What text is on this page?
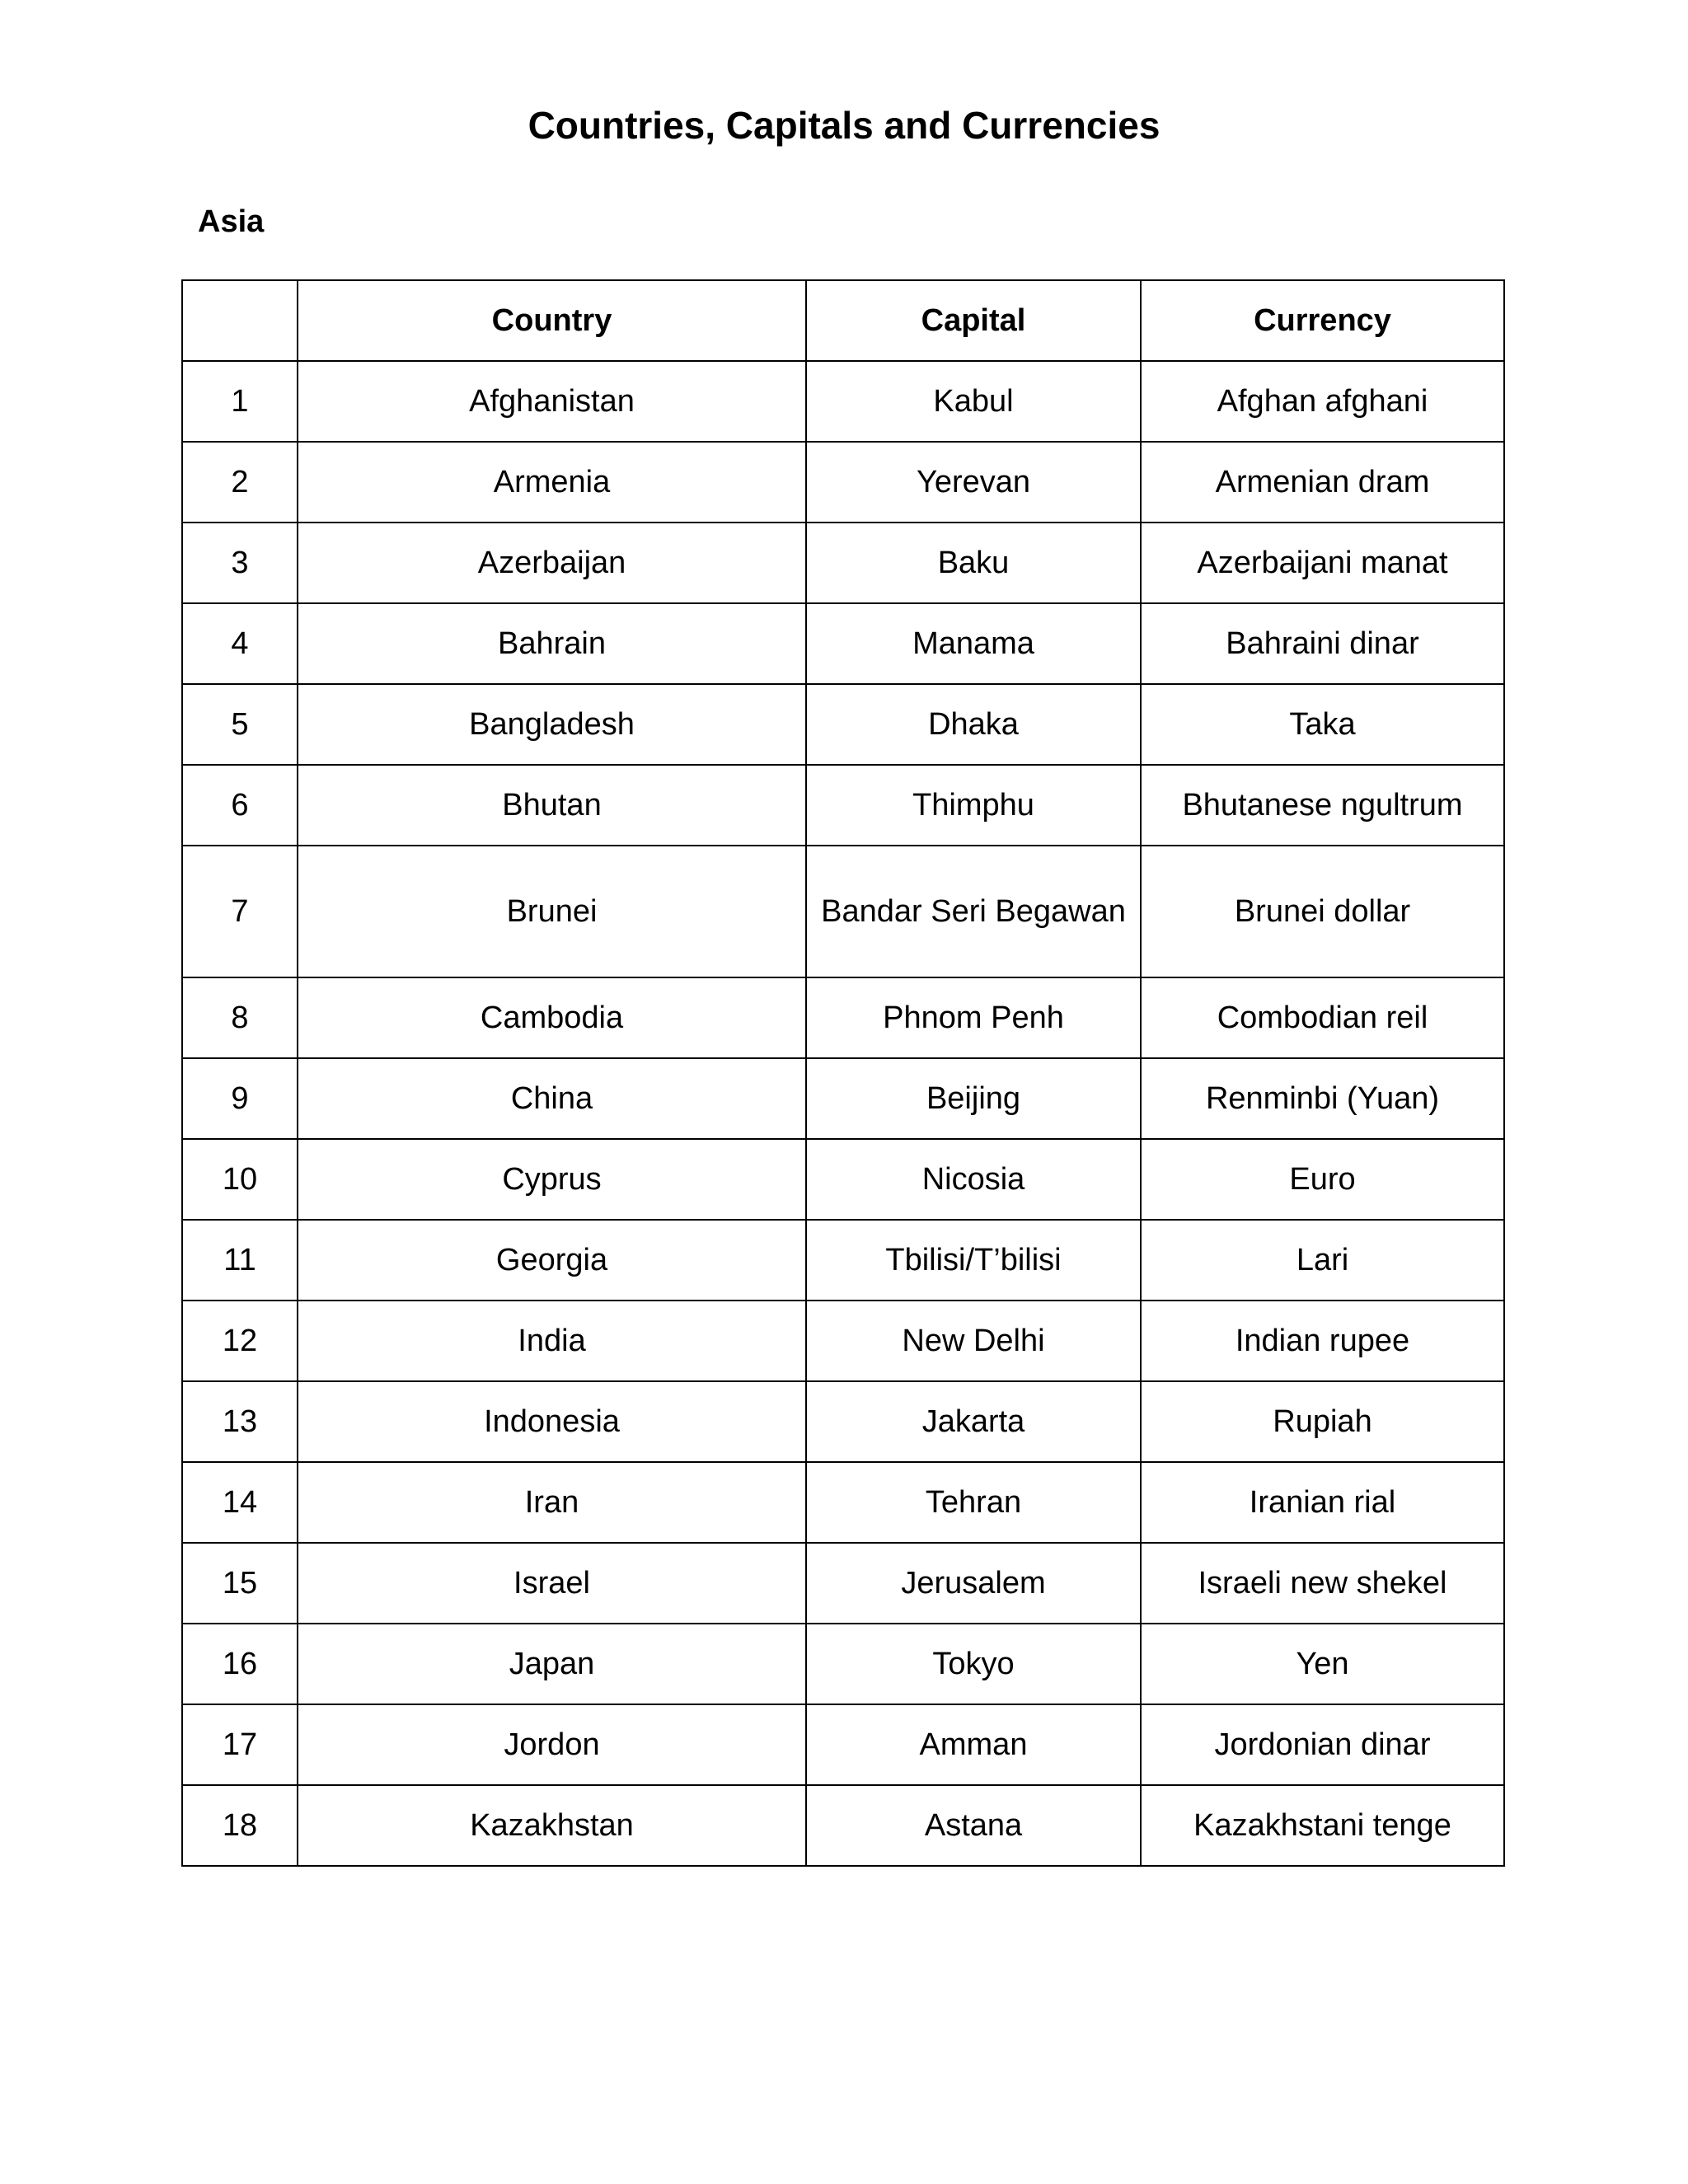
Countries, Capitals and Currencies
Asia
	Country	Capital	Currency
1	Afghanistan	Kabul	Afghan afghani
2	Armenia	Yerevan	Armenian dram
3	Azerbaijan	Baku	Azerbaijani manat
4	Bahrain	Manama	Bahraini dinar
5	Bangladesh	Dhaka	Taka
6	Bhutan	Thimphu	Bhutanese ngultrum
7	Brunei	Bandar Seri Begawan	Brunei dollar
8	Cambodia	Phnom Penh	Combodian reil
9	China	Beijing	Renminbi (Yuan)
10	Cyprus	Nicosia	Euro
11	Georgia	Tbilisi/T’bilisi	Lari
12	India	New Delhi	Indian rupee
13	Indonesia	Jakarta	Rupiah
14	Iran	Tehran	Iranian rial
15	Israel	Jerusalem	Israeli new shekel
16	Japan	Tokyo	Yen
17	Jordon	Amman	Jordonian dinar
18	Kazakhstan	Astana	Kazakhstani tenge
